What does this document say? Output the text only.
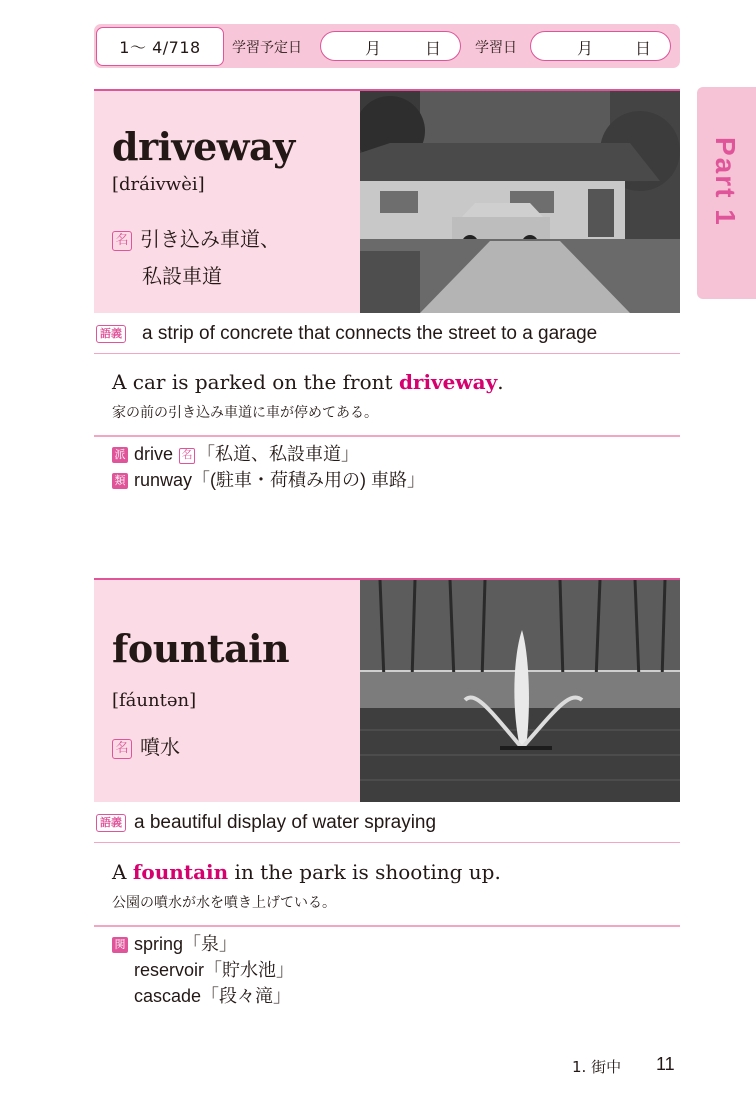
1～ 4/718	学習予定日	月	日 学習日	月	日
Part 1
driveway
[dráivwèi]
名 引き込み車道、
私設車道
語義 a strip of concrete that connects the street to a garage
A car is parked on the front driveway.
家の前の引き込み車道に車が停めてある。
派 drive 名 「私道、私設車道」
類 runway「(駐車・荷積み用の) 車路」
fountain
[fáuntən]
名 噴水
語義 a beautiful display of water spraying
A fountain in the park is shooting up.
公園の噴水が水を噴き上げている。
関 spring「泉」
reservoir「貯水池」
cascade「段々滝」
1. 街中 11
